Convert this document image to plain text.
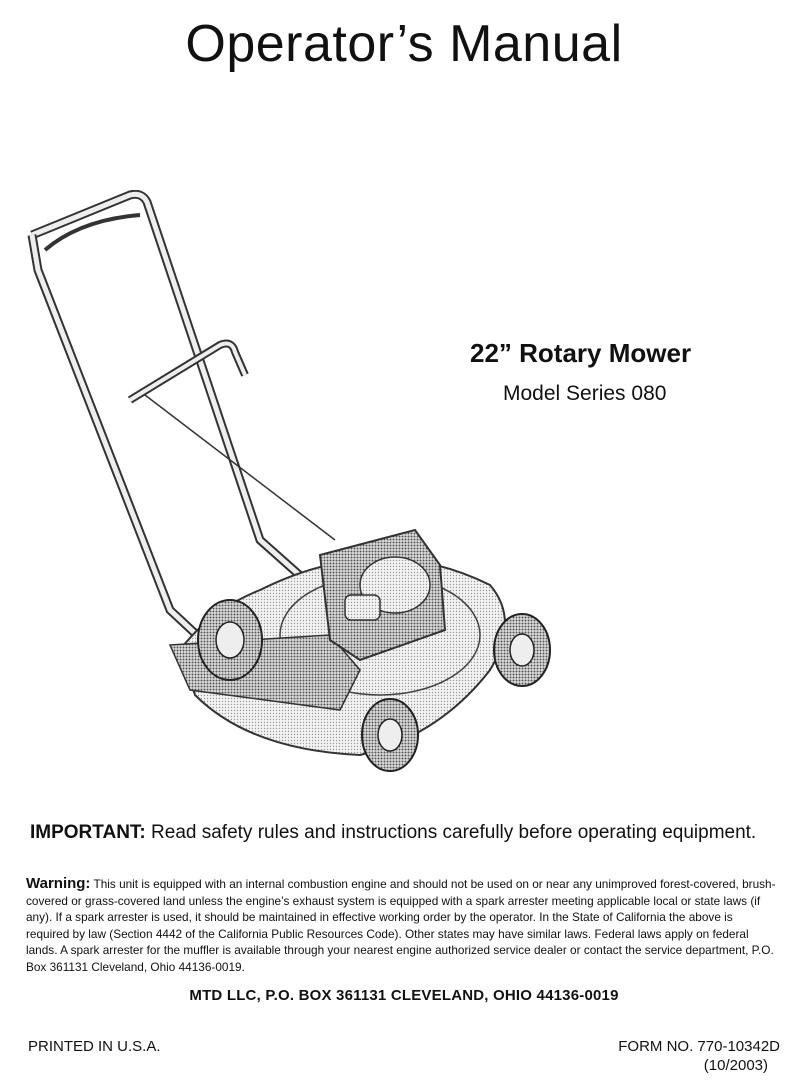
Operator’s Manual
22” Rotary Mower
Model Series 080
IMPORTANT: Read safety rules and instructions carefully before operating equipment.
Warning: This unit is equipped with an internal combustion engine and should not be used on or near any unimproved forest-covered, brush-covered or grass-covered land unless the engine’s exhaust system is equipped with a spark arrester meeting applicable local or state laws (if any). If a spark arrester is used, it should be maintained in effective working order by the operator. In the State of California the above is required by law (Section 4442 of the California Public Resources Code). Other states may have similar laws. Federal laws apply on federal lands. A spark arrester for the muffler is available through your nearest engine authorized service dealer or contact the service department, P.O. Box 361131 Cleveland, Ohio 44136-0019.
MTD LLC, P.O. BOX 361131 CLEVELAND, OHIO 44136-0019
PRINTED IN U.S.A.	FORM NO. 770-10342D
(10/2003)
